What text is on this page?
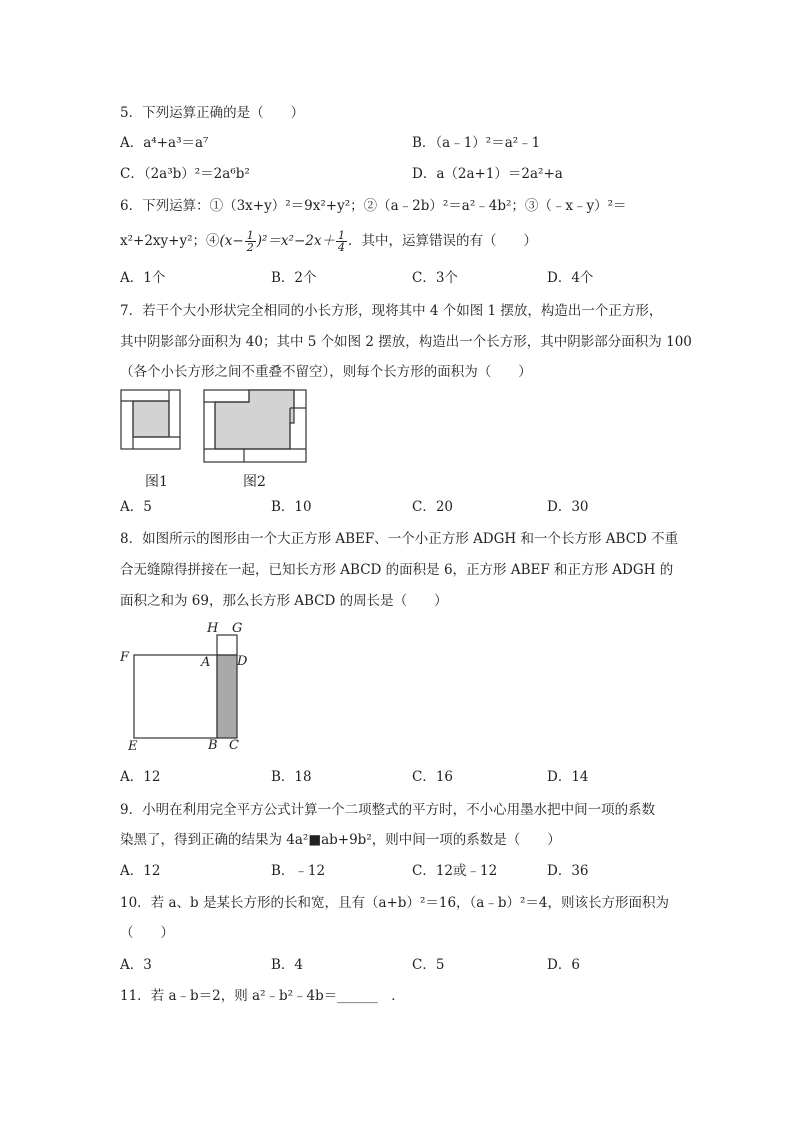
5．下列运算正确的是（　　）
A．a⁴+a³＝a⁷	B．（a﹣1）²＝a²﹣1
C．（2a³b）²＝2a⁶b²	D．a（2a+1）＝2a²+a
6．下列运算：①（3x+y）²＝9x²+y²；②（a﹣2b）²＝a²﹣4b²；③（﹣x﹣y）²＝
x²+2xy+y²；④(x− $\frac{1}{2} )^2=x^2-2x+ \frac{1}{4}$ ．其中，运算错误的有（　　）
A．1个	B．2个	C．3个	D．4个
7．若干个大小形状完全相同的小长方形，现将其中 4 个如图 1 摆放，构造出一个正方形，
其中阴影部分面积为 40；其中 5 个如图 2 摆放，构造出一个长方形，其中阴影部分面积为 100
（各个小长方形之间不重叠不留空），则每个长方形的面积为（　　）
图1	图2
A．5	B．10	C．20	D．30
8．如图所示的图形由一个大正方形 ABEF、一个小正方形 ADGH 和一个长方形 ABCD 不重
合无缝隙得拼接在一起，已知长方形 ABCD 的面积是 6，正方形 ABEF 和正方形 ADGH 的
面积之和为 69，那么长方形 ABCD 的周长是（　　）
H G
F	A D
E	B C
A．12	B．18	C．16	D．14
9．小明在利用完全平方公式计算一个二项整式的平方时，不小心用墨水把中间一项的系数
染黑了，得到正确的结果为 4a²■ab+9b²，则中间一项的系数是（　　）
A．12	B．﹣12	C．12或﹣12	D．36
10．若 a、b 是某长方形的长和宽，且有（a+b）²＝16，（a﹣b）²＝4，则该长方形面积为
（　　）
A．3	B．4	C．5	D．6
11．若 a﹣b＝2，则 a²﹣b²﹣4b＝______　．
